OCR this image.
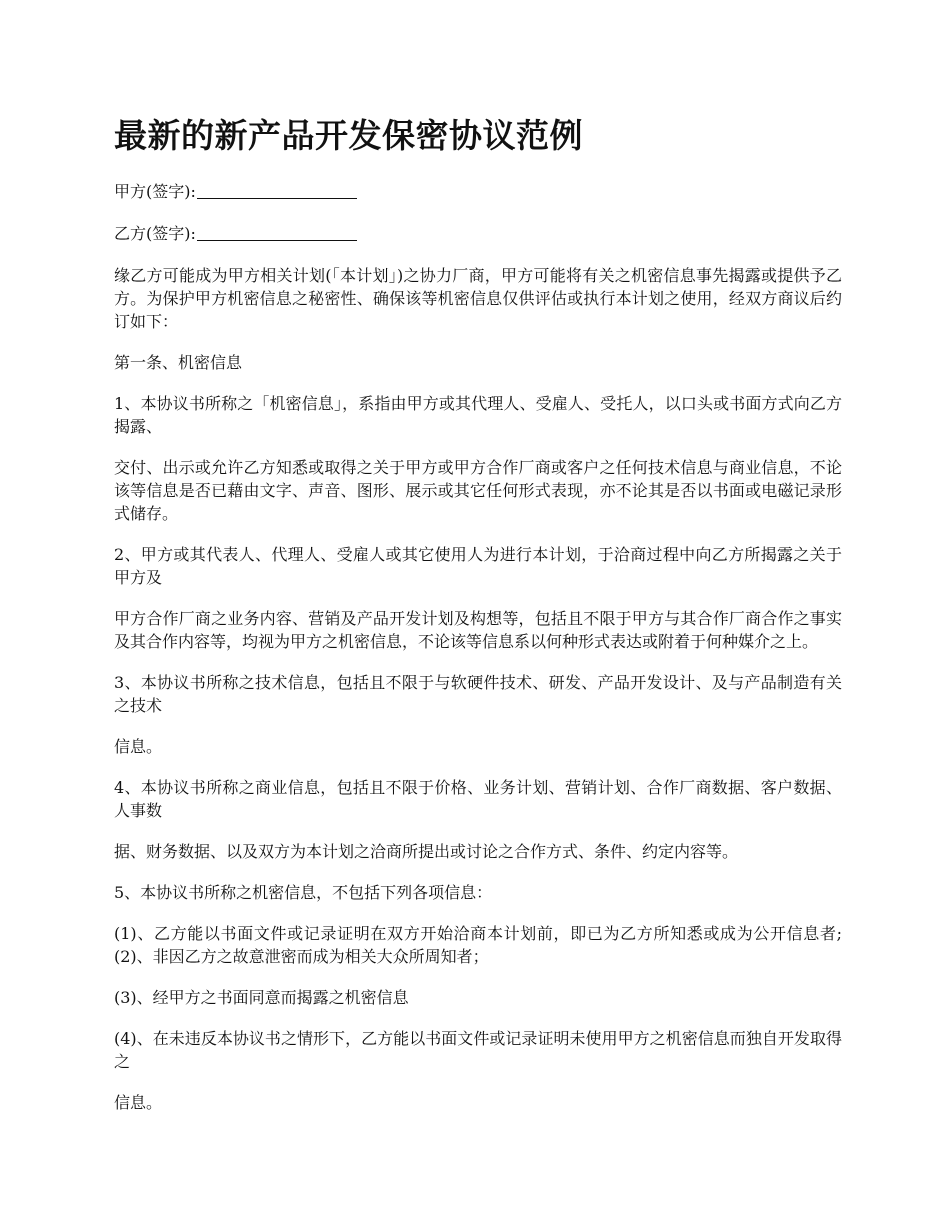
最新的新产品开发保密协议范例
甲方(签字):
乙方(签字):

缘乙方可能成为甲方相关计划(「本计划」)之协力厂商，甲方可能将有关之机密信息事先揭露或提供予乙方。为保护甲方机密信息之秘密性、确保该等机密信息仅供评估或执行本计划之使用，经双方商议后约订如下：

第一条、机密信息

1、本协议书所称之「机密信息」，系指由甲方或其代理人、受雇人、受托人，以口头或书面方式向乙方揭露、

交付、出示或允许乙方知悉或取得之关于甲方或甲方合作厂商或客户之任何技术信息与商业信息，不论该等信息是否已藉由文字、声音、图形、展示或其它任何形式表现，亦不论其是否以书面或电磁记录形式储存。

2、甲方或其代表人、代理人、受雇人或其它使用人为进行本计划，于洽商过程中向乙方所揭露之关于甲方及

甲方合作厂商之业务内容、营销及产品开发计划及构想等，包括且不限于甲方与其合作厂商合作之事实及其合作内容等，均视为甲方之机密信息，不论该等信息系以何种形式表达或附着于何种媒介之上。

3、本协议书所称之技术信息，包括且不限于与软硬件技术、研发、产品开发设计、及与产品制造有关之技术

信息。

4、本协议书所称之商业信息，包括且不限于价格、业务计划、营销计划、合作厂商数据、客户数据、人事数

据、财务数据、以及双方为本计划之洽商所提出或讨论之合作方式、条件、约定内容等。

5、本协议书所称之机密信息，不包括下列各项信息：

(1)、乙方能以书面文件或记录证明在双方开始洽商本计划前，即已为乙方所知悉或成为公开信息者;(2)、非因乙方之故意泄密而成为相关大众所周知者；

(3)、经甲方之书面同意而揭露之机密信息

(4)、在未违反本协议书之情形下，乙方能以书面文件或记录证明未使用甲方之机密信息而独自开发取得之

信息。
